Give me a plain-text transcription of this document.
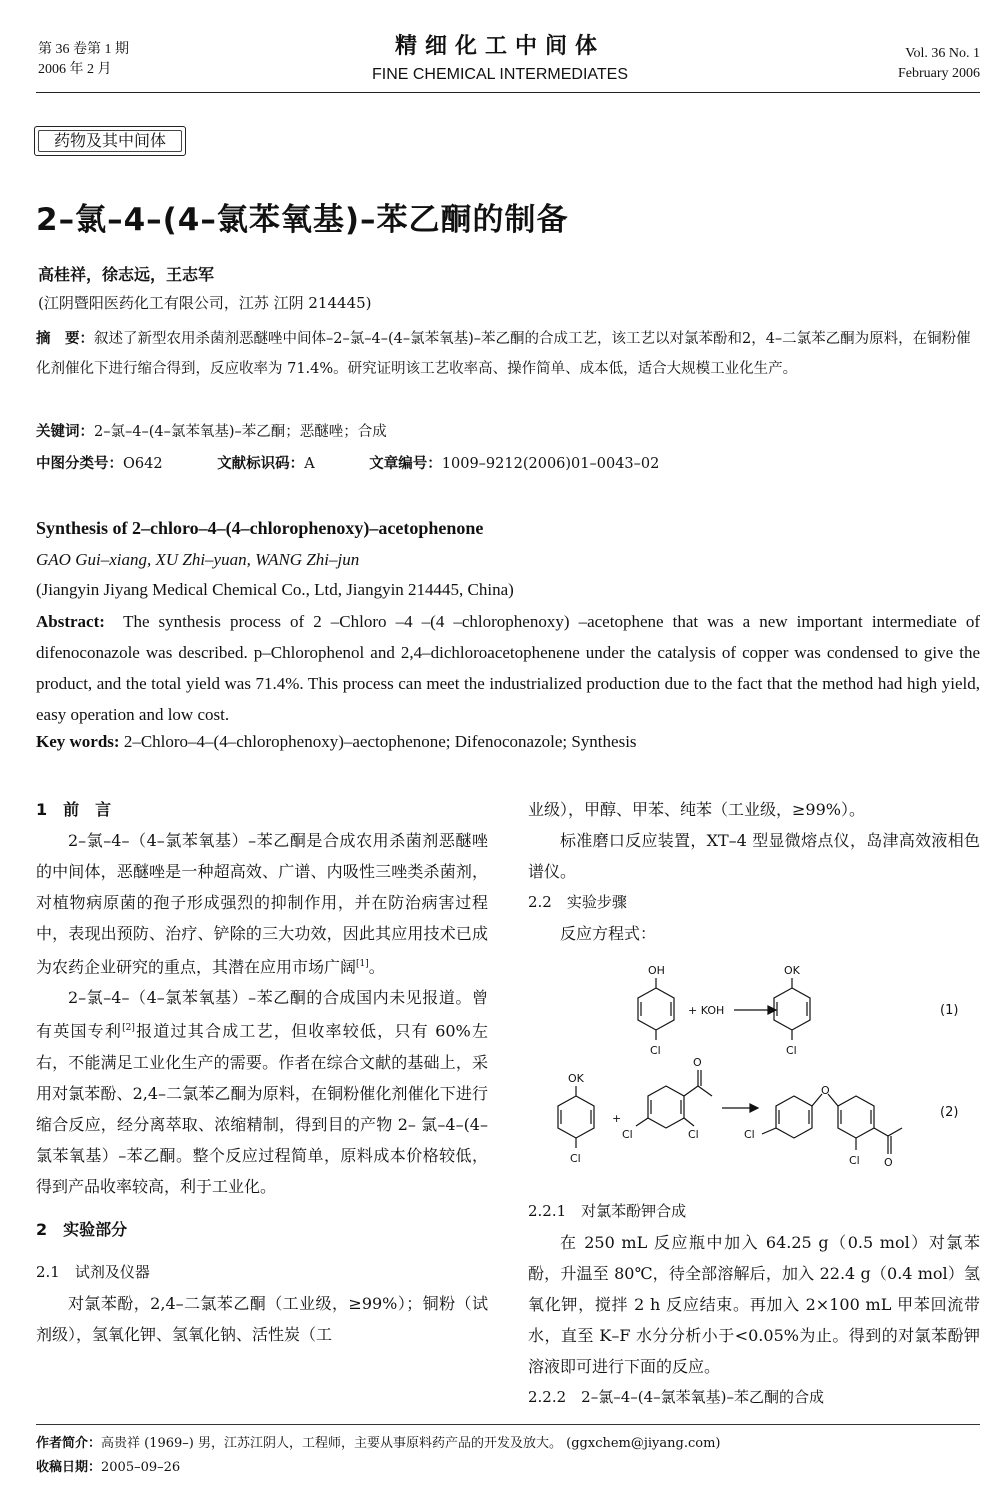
第 36 卷第 1 期
2006 年 2 月
精细化工中间体
FINE CHEMICAL INTERMEDIATES
Vol. 36 No. 1
February 2006
药物及其中间体
2–氯–4–(4–氯苯氧基)–苯乙酮的制备
高桂祥，徐志远，王志军
(江阴暨阳医药化工有限公司，江苏 江阴 214445)
摘　要：叙述了新型农用杀菌剂恶醚唑中间体–2–氯–4–(4–氯苯氧基)–苯乙酮的合成工艺，该工艺以对氯苯酚和2，4–二氯苯乙酮为原料，在铜粉催化剂催化下进行缩合得到，反应收率为 71.4%。研究证明该工艺收率高、操作简单、成本低，适合大规模工业化生产。
关键词：2–氯–4–(4–氯苯氧基)–苯乙酮；恶醚唑；合成
中图分类号：O642	文献标识码：A	文章编号：1009–9212(2006)01–0043–02
Synthesis of 2–chloro–4–(4–chlorophenoxy)–acetophenone
GAO Gui–xiang, XU Zhi–yuan, WANG Zhi–jun
(Jiangyin Jiyang Medical Chemical Co., Ltd, Jiangyin 214445, China)
Abstract: The synthesis process of 2 –Chloro –4 –(4 –chlorophenoxy) –acetophene that was a new important intermediate of difenoconazole was described. p–Chlorophenol and 2,4–dichloroacetophenene under the catalysis of copper was condensed to give the product, and the total yield was 71.4%. This process can meet the industrialized production due to the fact that the method had high yield, easy operation and low cost.
Key words: 2–Chloro–4–(4–chlorophenoxy)–aectophenone; Difenoconazole; Synthesis

1　前　言

2–氯–4–（4–氯苯氧基）–苯乙酮是合成农用杀菌剂恶醚唑的中间体，恶醚唑是一种超高效、广谱、内吸性三唑类杀菌剂，对植物病原菌的孢子形成强烈的抑制作用，并在防治病害过程中，表现出预防、治疗、铲除的三大功效，因此其应用技术已成为农药企业研究的重点，其潜在应用市场广阔[1]。

2–氯–4–（4–氯苯氧基）–苯乙酮的合成国内未见报道。曾有英国专利[2]报道过其合成工艺，但收率较低，只有 60%左右，不能满足工业化生产的需要。作者在综合文献的基础上，采用对氯苯酚、2,4–二氯苯乙酮为原料，在铜粉催化剂催化下进行缩合反应，经分离萃取、浓缩精制，得到目的产物 2– 氯–4–(4–氯苯氧基）–苯乙酮。整个反应过程简单，原料成本价格较低，得到产品收率较高，利于工业化。

2　实验部分

2.1　试剂及仪器

对氯苯酚，2,4–二氯苯乙酮（工业级，≥99%）；铜粉（试剂级），氢氧化钾、氢氧化钠、活性炭（工

业级），甲醇、甲苯、纯苯（工业级，≥99%）。

标准磨口反应装置，XT–4 型显微熔点仪，岛津高效液相色谱仪。

2.2　实验步骤

反应方程式：

OH
Cl
+ KOH
OK
Cl
(1)
OK
Cl
+
O
Cl	Cl	Cl
O
Cl O
(2)

2.2.1　对氯苯酚钾合成

在 250 mL 反应瓶中加入 64.25 g（0.5 mol）对氯苯酚，升温至 80℃，待全部溶解后，加入 22.4 g（0.4 mol）氢氧化钾，搅拌 2 h 反应结束。再加入 2×100 mL 甲苯回流带水，直至 K–F 水分分析小于<0.05%为止。得到的对氯苯酚钾溶液即可进行下面的反应。

2.2.2　2–氯–4–(4–氯苯氧基)–苯乙酮的合成

作者简介：高贵祥 (1969–) 男，江苏江阴人，工程师，主要从事原料药产品的开发及放大。 (ggxchem@jiyang.com)
收稿日期：2005–09–26
